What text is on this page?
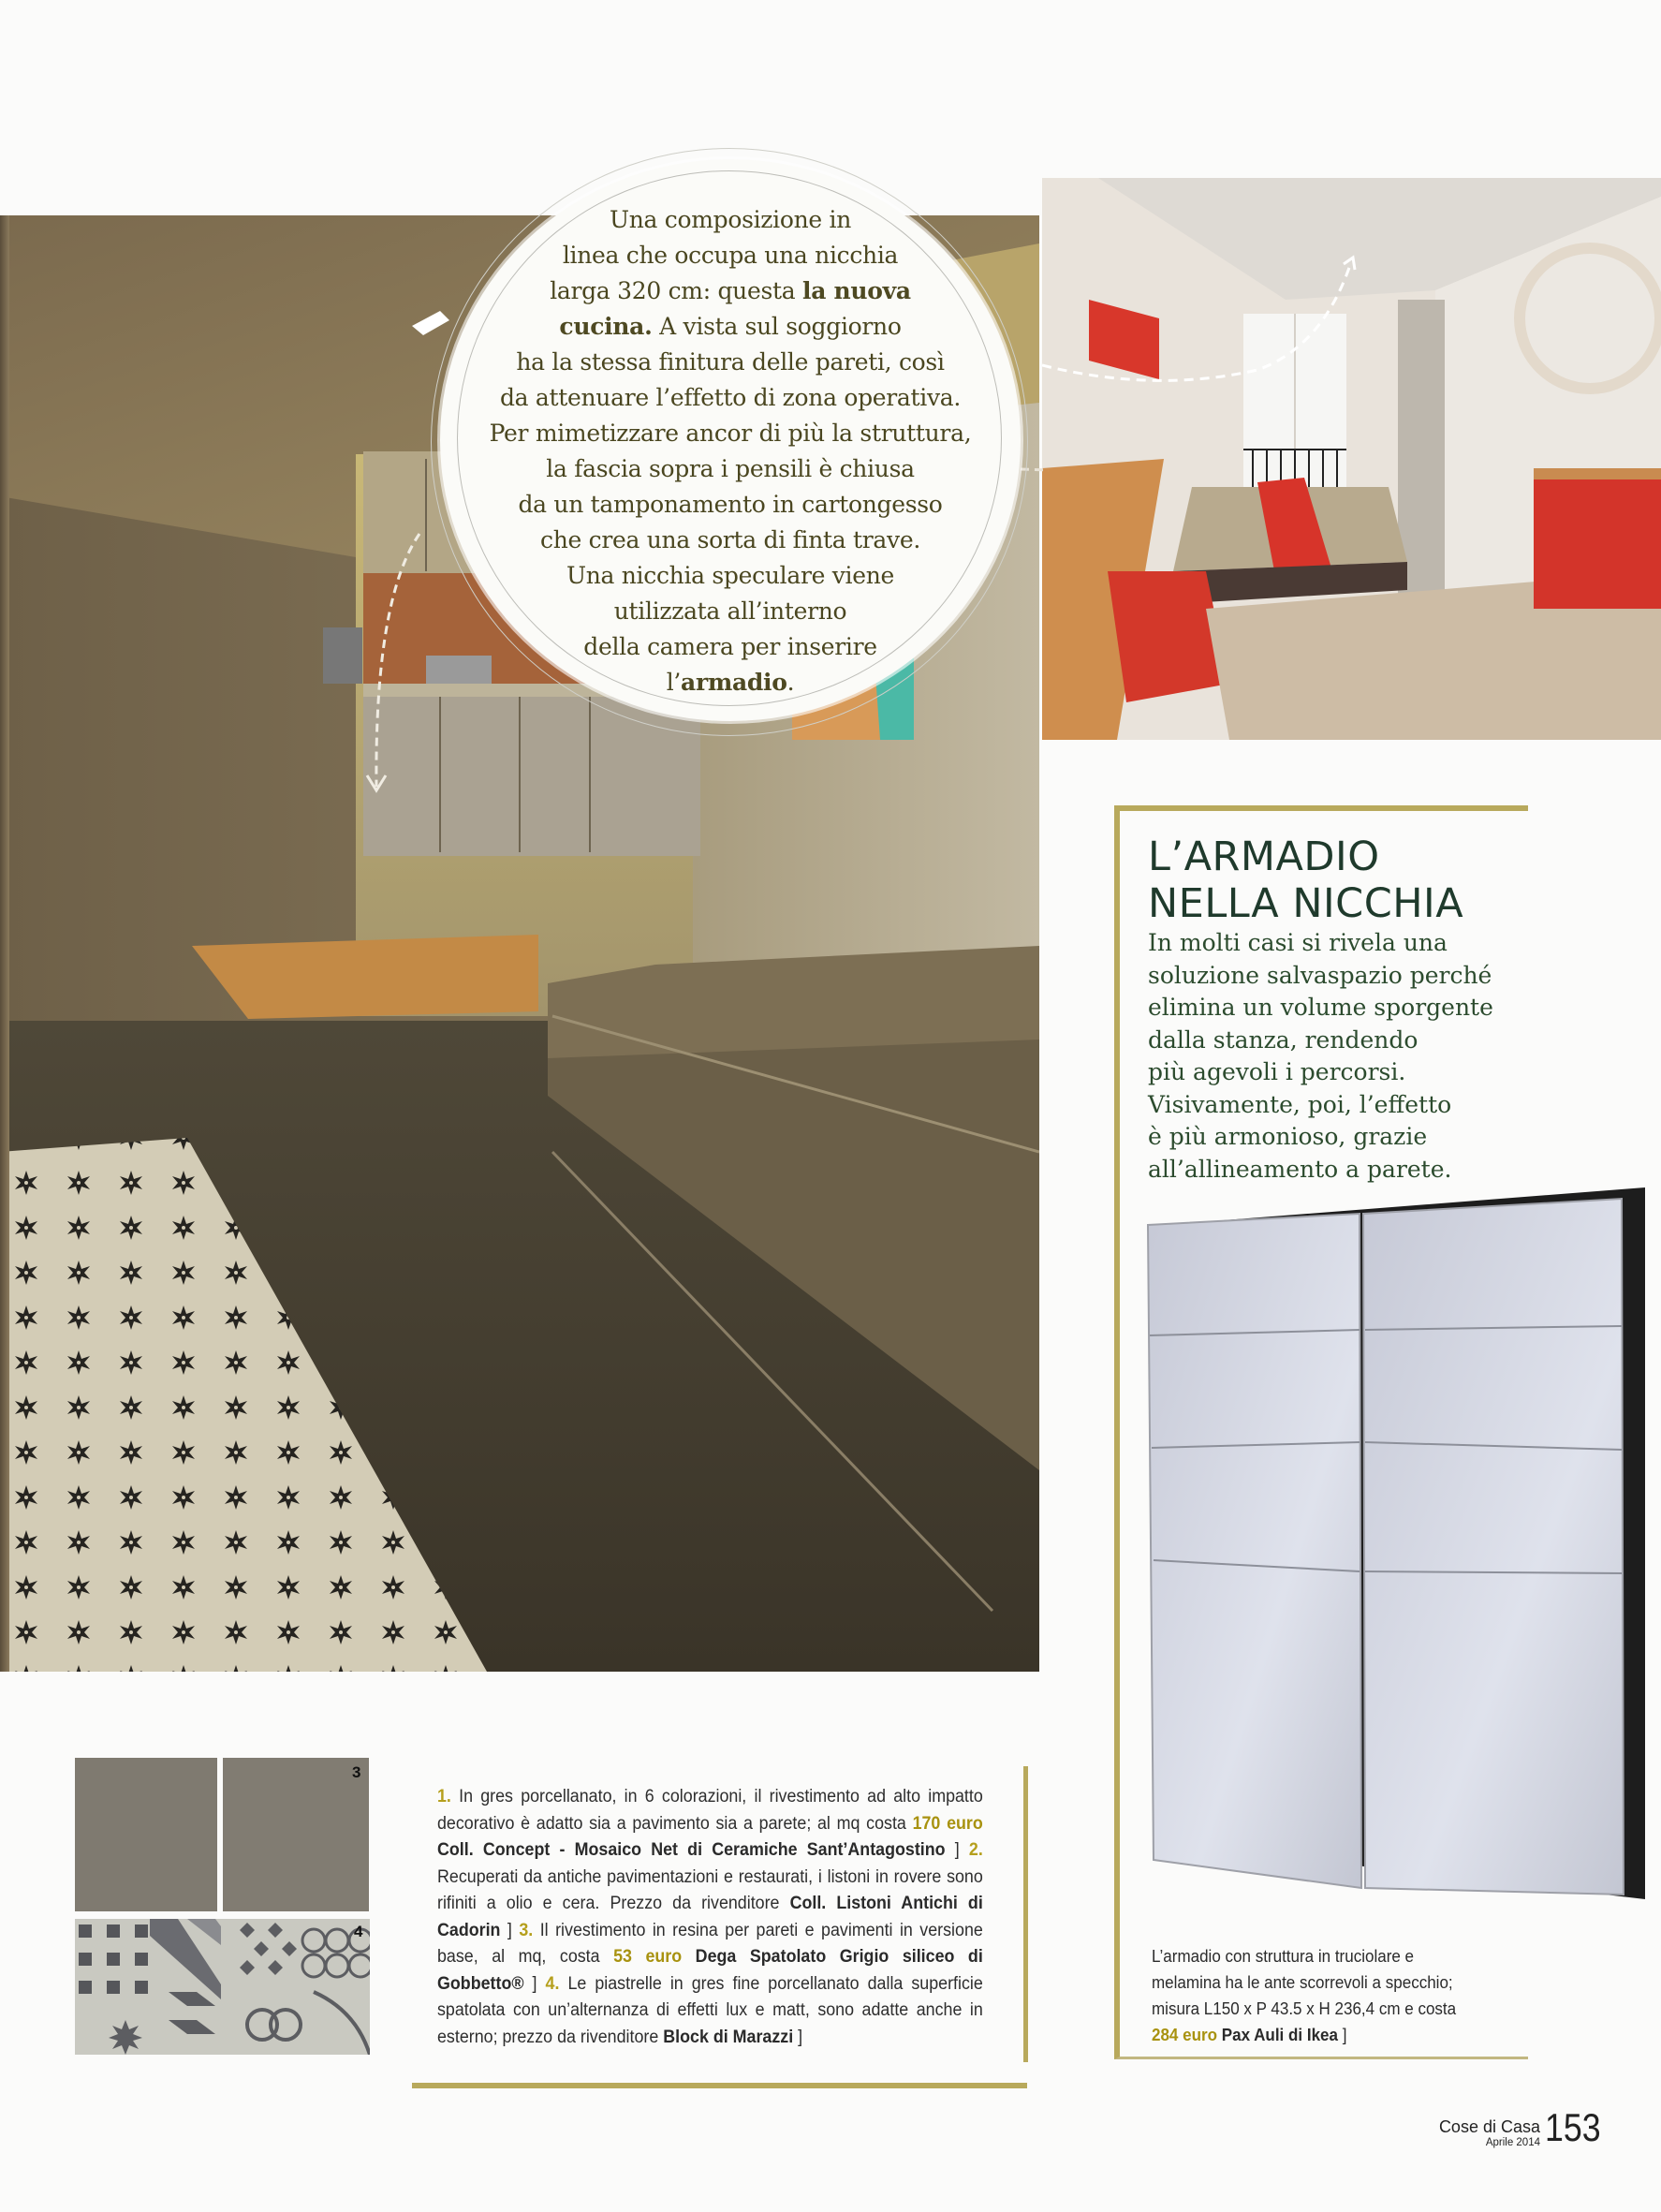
Una composizione in
linea che occupa una nicchia
larga 320 cm: questa la nuova
cucina. A vista sul soggiorno
ha la stessa finitura delle pareti, così
da attenuare l’effetto di zona operativa.
Per mimetizzare ancor di più la struttura,
la fascia sopra i pensili è chiusa
da un tamponamento in cartongesso
che crea una sorta di finta trave.
Una nicchia speculare viene
utilizzata all’interno
della camera per inserire
l’armadio.
L’ARMADIO
NELLA NICCHIA
In molti casi si rivela una
soluzione salvaspazio perché
elimina un volume sporgente
dalla stanza, rendendo
più agevoli i percorsi.
Visivamente, poi, l’effetto
è più armonioso, grazie
all’allineamento a parete.
L’armadio con struttura in truciolare e melamina ha le ante scorrevoli a specchio; misura L150 x P 43.5 x H 236,4 cm e costa 284 euro Pax Auli di Ikea ]
3
4
1. In gres porcellanato, in 6 colorazioni, il rivestimento ad alto impatto decorativo è adatto sia a pavimento sia a parete; al mq costa 170 euro Coll. Concept - Mosaico Net di Ceramiche Sant’Antagostino ] 2. Recuperati da antiche pavimentazioni e restaurati, i listoni in rovere sono rifiniti a olio e cera. Prezzo da rivenditore Coll. Listoni Antichi di Cadorin ] 3. Il rivestimento in resina per pareti e pavimenti in versione base, al mq, costa 53 euro Dega Spatolato Grigio siliceo di Gobbetto® ] 4. Le piastrelle in gres fine porcellanato dalla superficie spatolata con un’alternanza di effetti lux e matt, sono adatte anche in esterno; prezzo da rivenditore Block di Marazzi ]
Cose di Casa
Aprile 2014 153
